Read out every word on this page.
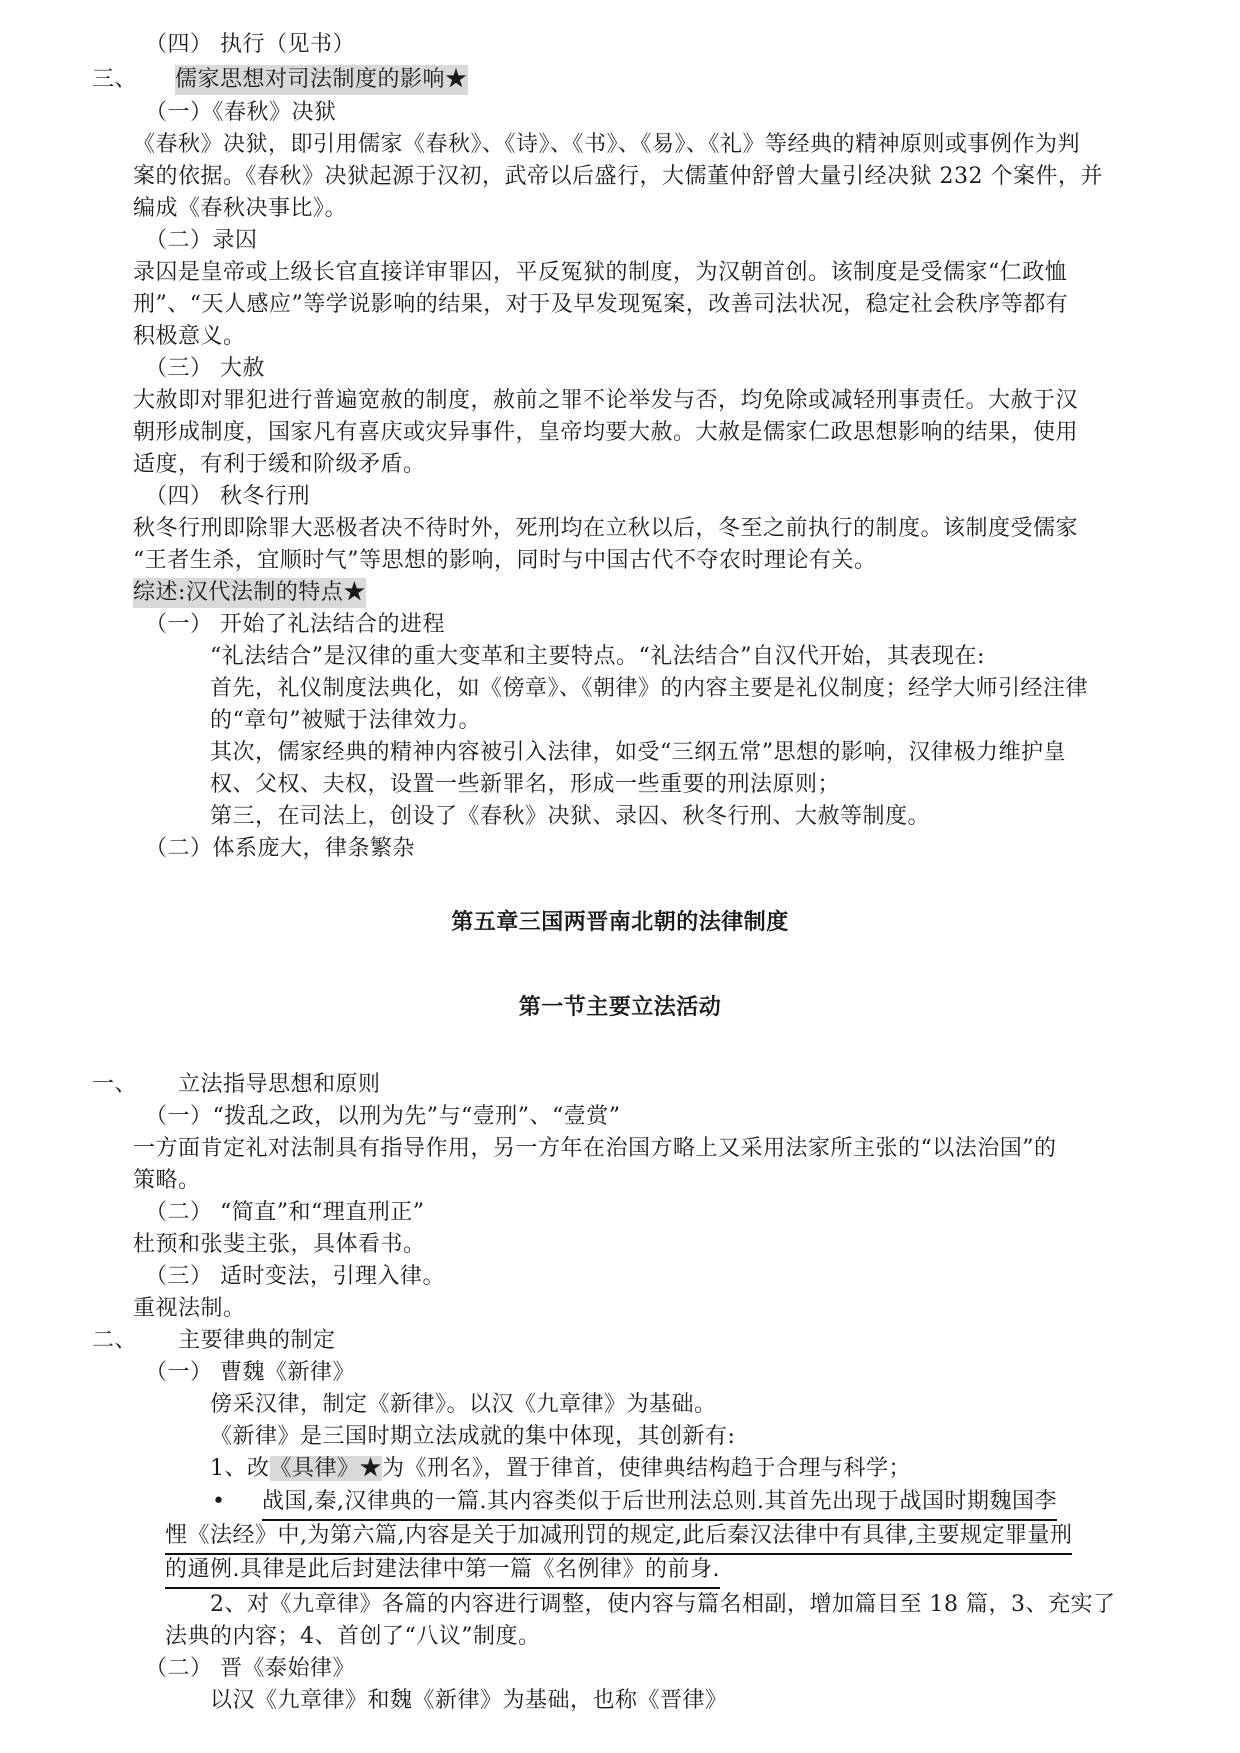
（四） 执行（见书）
三、 儒家思想对司法制度的影响★
（一）《春秋》决狱
《春秋》决狱，即引用儒家《春秋》、《诗》、《书》、《易》、《礼》等经典的精神原则或事例作为判
案的依据。《春秋》决狱起源于汉初，武帝以后盛行，大儒董仲舒曾大量引经决狱 232 个案件，并
编成《春秋决事比》。
（二）录囚
录囚是皇帝或上级长官直接详审罪囚，平反冤狱的制度，为汉朝首创。该制度是受儒家“仁政恤
刑”、“天人感应”等学说影响的结果，对于及早发现冤案，改善司法状况，稳定社会秩序等都有
积极意义。
（三） 大赦
大赦即对罪犯进行普遍宽赦的制度，赦前之罪不论举发与否，均免除或减轻刑事责任。大赦于汉
朝形成制度，国家凡有喜庆或灾异事件，皇帝均要大赦。大赦是儒家仁政思想影响的结果，使用
适度，有利于缓和阶级矛盾。
（四） 秋冬行刑
秋冬行刑即除罪大恶极者决不待时外，死刑均在立秋以后，冬至之前执行的制度。该制度受儒家
“王者生杀，宜顺时气”等思想的影响，同时与中国古代不夺农时理论有关。
综述:汉代法制的特点★
（一） 开始了礼法结合的进程
“礼法结合”是汉律的重大变革和主要特点。“礼法结合”自汉代开始，其表现在:
首先，礼仪制度法典化，如《傍章》、《朝律》的内容主要是礼仪制度；经学大师引经注律
的“章句”被赋于法律效力。
其次，儒家经典的精神内容被引入法律，如受“三纲五常”思想的影响，汉律极力维护皇
权、父权、夫权，设置一些新罪名，形成一些重要的刑法原则；
第三，在司法上，创设了《春秋》决狱、录囚、秋冬行刑、大赦等制度。
（二）体系庞大，律条繁杂
第五章三国两晋南北朝的法律制度
第一节主要立法活动
一、 立法指导思想和原则
（一）“拨乱之政，以刑为先”与“壹刑”、“壹赏”
一方面肯定礼对法制具有指导作用，另一方年在治国方略上又采用法家所主张的“以法治国”的
策略。
（二） “简直”和“理直刑正”
杜预和张斐主张，具体看书。
（三） 适时变法，引理入律。
重视法制。
二、 主要律典的制定
（一） 曹魏《新律》
傍采汉律，制定《新律》。以汉《九章律》为基础。
《新律》是三国时期立法成就的集中体现，其创新有:
1、改《具律》★为《刑名》，置于律首，使律典结构趋于合理与科学；
• 战国,秦,汉律典的一篇.其内容类似于后世刑法总则.其首先出现于战国时期魏国李
悝《法经》中,为第六篇,内容是关于加减刑罚的规定,此后秦汉法律中有具律,主要规定罪量刑
的通例.具律是此后封建法律中第一篇《名例律》的前身.
2、对《九章律》各篇的内容进行调整，使内容与篇名相副，增加篇目至 18 篇，3、充实了
法典的内容；4、首创了“八议”制度。
（二） 晋《泰始律》
以汉《九章律》和魏《新律》为基础，也称《晋律》
